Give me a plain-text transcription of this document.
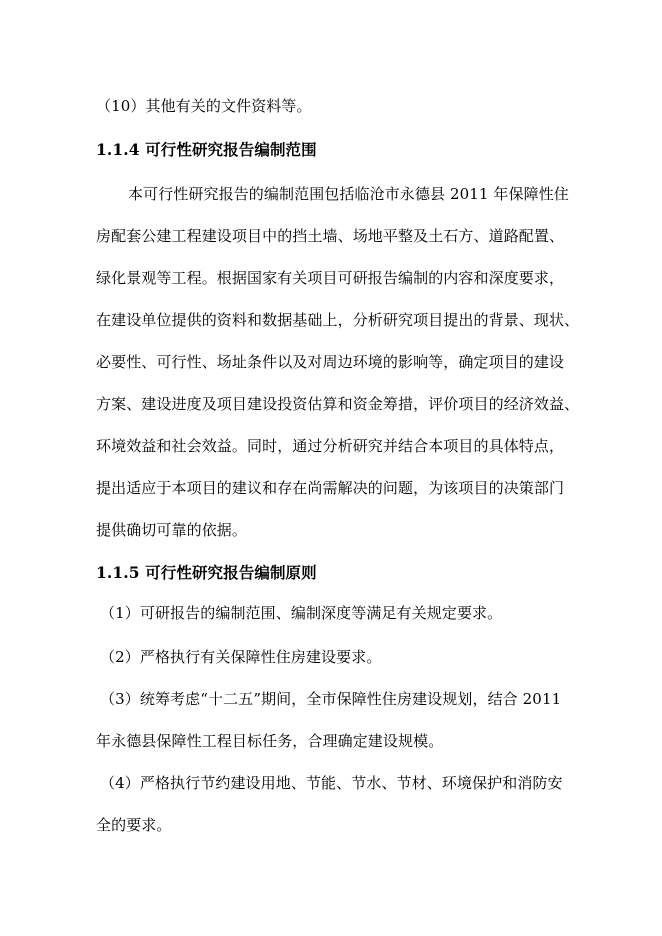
（10）其他有关的文件资料等。
1.1.4 可行性研究报告编制范围
本可行性研究报告的编制范围包括临沧市永德县 2011 年保障性住
房配套公建工程建设项目中的挡土墙、场地平整及土石方、道路配置、
绿化景观等工程。根据国家有关项目可研报告编制的内容和深度要求，
在建设单位提供的资料和数据基础上，分析研究项目提出的背景、现状、
必要性、可行性、场址条件以及对周边环境的影响等，确定项目的建设
方案、建设进度及项目建设投资估算和资金筹措，评价项目的经济效益、
环境效益和社会效益。同时，通过分析研究并结合本项目的具体特点，
提出适应于本项目的建议和存在尚需解决的问题，为该项目的决策部门
提供确切可靠的依据。
1.1.5 可行性研究报告编制原则
（1）可研报告的编制范围、编制深度等满足有关规定要求。
（2）严格执行有关保障性住房建设要求。
（3）统筹考虑“十二五”期间，全市保障性住房建设规划，结合 2011
年永德县保障性工程目标任务，合理确定建设规模。
（4）严格执行节约建设用地、节能、节水、节材、环境保护和消防安
全的要求。
